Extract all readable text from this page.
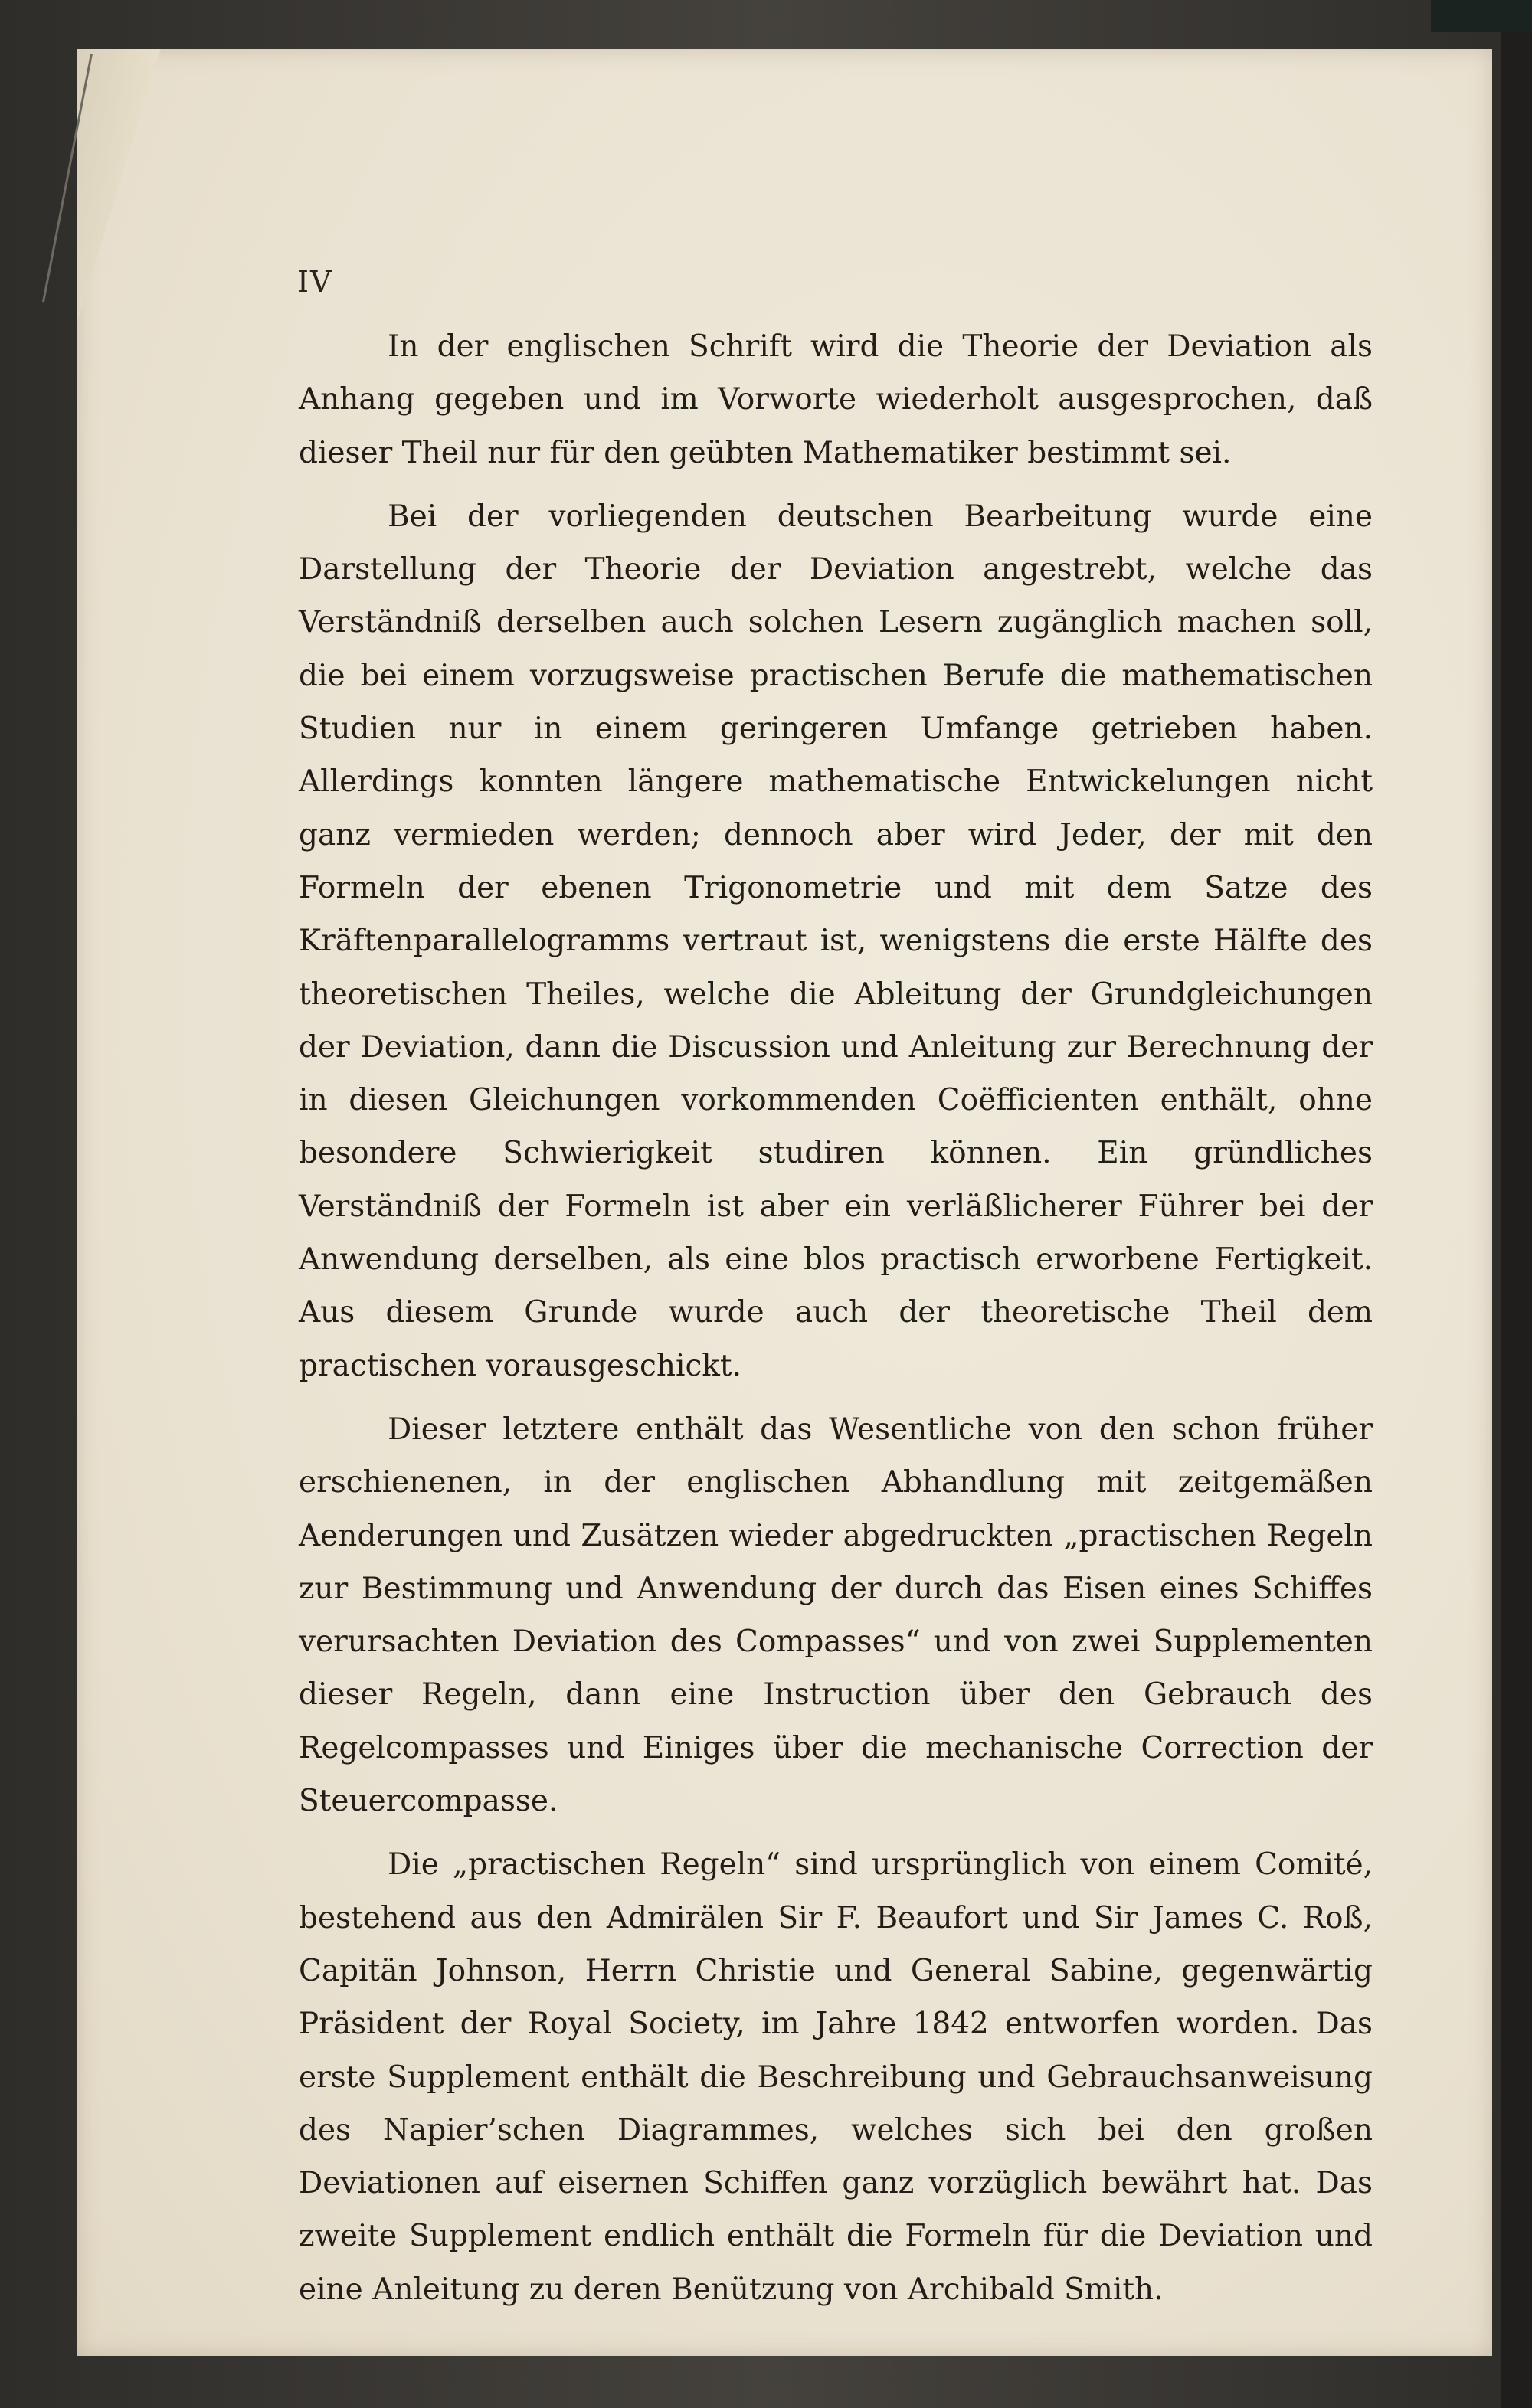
IV

In der englischen Schrift wird die Theorie der Deviation als Anhang gegeben und im Vorworte wiederholt ausgesprochen, daß dieser Theil nur für den geübten Mathematiker bestimmt sei.

Bei der vorliegenden deutschen Bearbeitung wurde eine Darstellung der Theorie der Deviation angestrebt, welche das Verständniß derselben auch solchen Lesern zugänglich machen soll, die bei einem vorzugsweise practischen Berufe die mathematischen Studien nur in einem geringeren Umfange getrieben haben. Allerdings konnten längere mathematische Entwickelungen nicht ganz vermieden werden; dennoch aber wird Jeder, der mit den Formeln der ebenen Trigonometrie und mit dem Satze des Kräftenparallelogramms vertraut ist, wenigstens die erste Hälfte des theoretischen Theiles, welche die Ableitung der Grundgleichungen der Deviation, dann die Discussion und Anleitung zur Berechnung der in diesen Gleichungen vorkommenden Coëfficienten enthält, ohne besondere Schwierigkeit studiren können. Ein gründliches Verständniß der Formeln ist aber ein verläßlicherer Führer bei der Anwendung derselben, als eine blos practisch erworbene Fertigkeit. Aus diesem Grunde wurde auch der theoretische Theil dem practischen vorausgeschickt.

Dieser letztere enthält das Wesentliche von den schon früher erschienenen, in der englischen Abhandlung mit zeitgemäßen Aenderungen und Zusätzen wieder abgedruckten „practischen Regeln zur Bestimmung und Anwendung der durch das Eisen eines Schiffes verursachten Deviation des Compasses“ und von zwei Supplementen dieser Regeln, dann eine Instruction über den Gebrauch des Regelcompasses und Einiges über die mechanische Correction der Steuercompasse.

Die „practischen Regeln“ sind ursprünglich von einem Comité, bestehend aus den Admirälen Sir F. Beaufort und Sir James C. Roß, Capitän Johnson, Herrn Christie und General Sabine, gegenwärtig Präsident der Royal Society, im Jahre 1842 entworfen worden. Das erste Supplement enthält die Beschreibung und Gebrauchsanweisung des Napier’schen Diagrammes, welches sich bei den großen Deviationen auf eisernen Schiffen ganz vorzüglich bewährt hat. Das zweite Supplement endlich enthält die Formeln für die Deviation und eine Anleitung zu deren Benützung von Archibald Smith.
